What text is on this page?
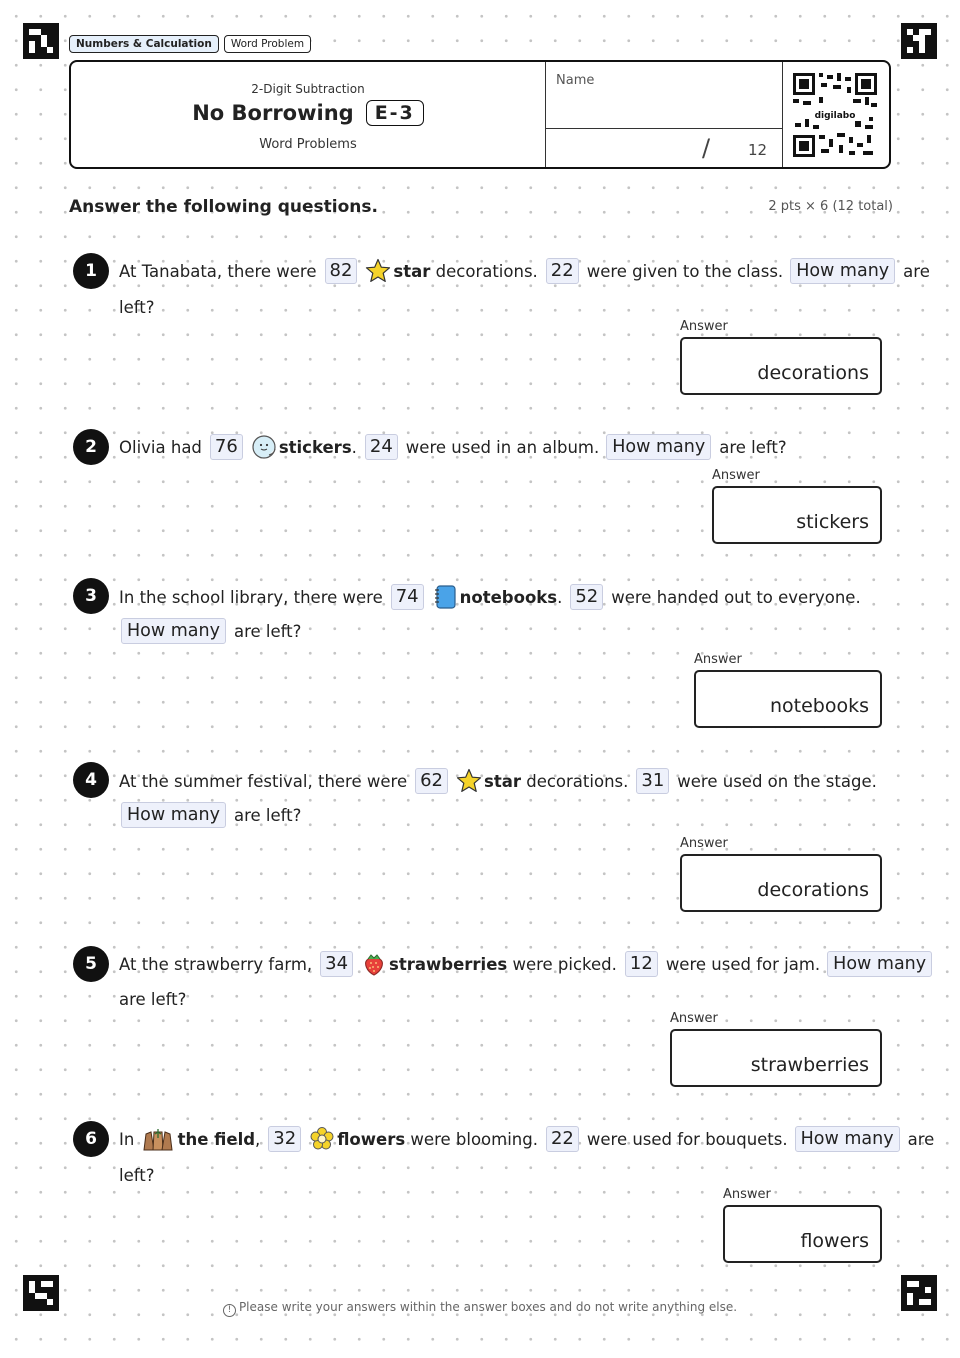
Numbers & Calculation	Word Problem
2-Digit Subtraction
No Borrowing	E-3
Word Problems
Name
/	12
digilabo
Answer the following questions.	2 pts × 6 (12 total)
1	At Tanabata, there were 82	star
decorations. 22 were given to the class. How many are
left?
Answer
decorations
2	Olivia had 76	stickers . 24 were used in an album. How many are left?
Answer
stickers
3	In the school library, there were 74	notebooks . 52 were handed out to everyone.
How many are left?
Answer
notebooks
4	At the summer festival, there were 62	star
decorations. 31 were used on the stage.
How many are left?
Answer
decorations
5	At the strawberry farm, 34	strawberries
were picked. 12 were used for jam. How many
are left?
Answer
strawberries
6	In
	the field , 32	flowers
were blooming. 22 were used for bouquets. How many are
left?
Answer
flowers
! Please write your answers within the answer boxes and do not write anything else.
